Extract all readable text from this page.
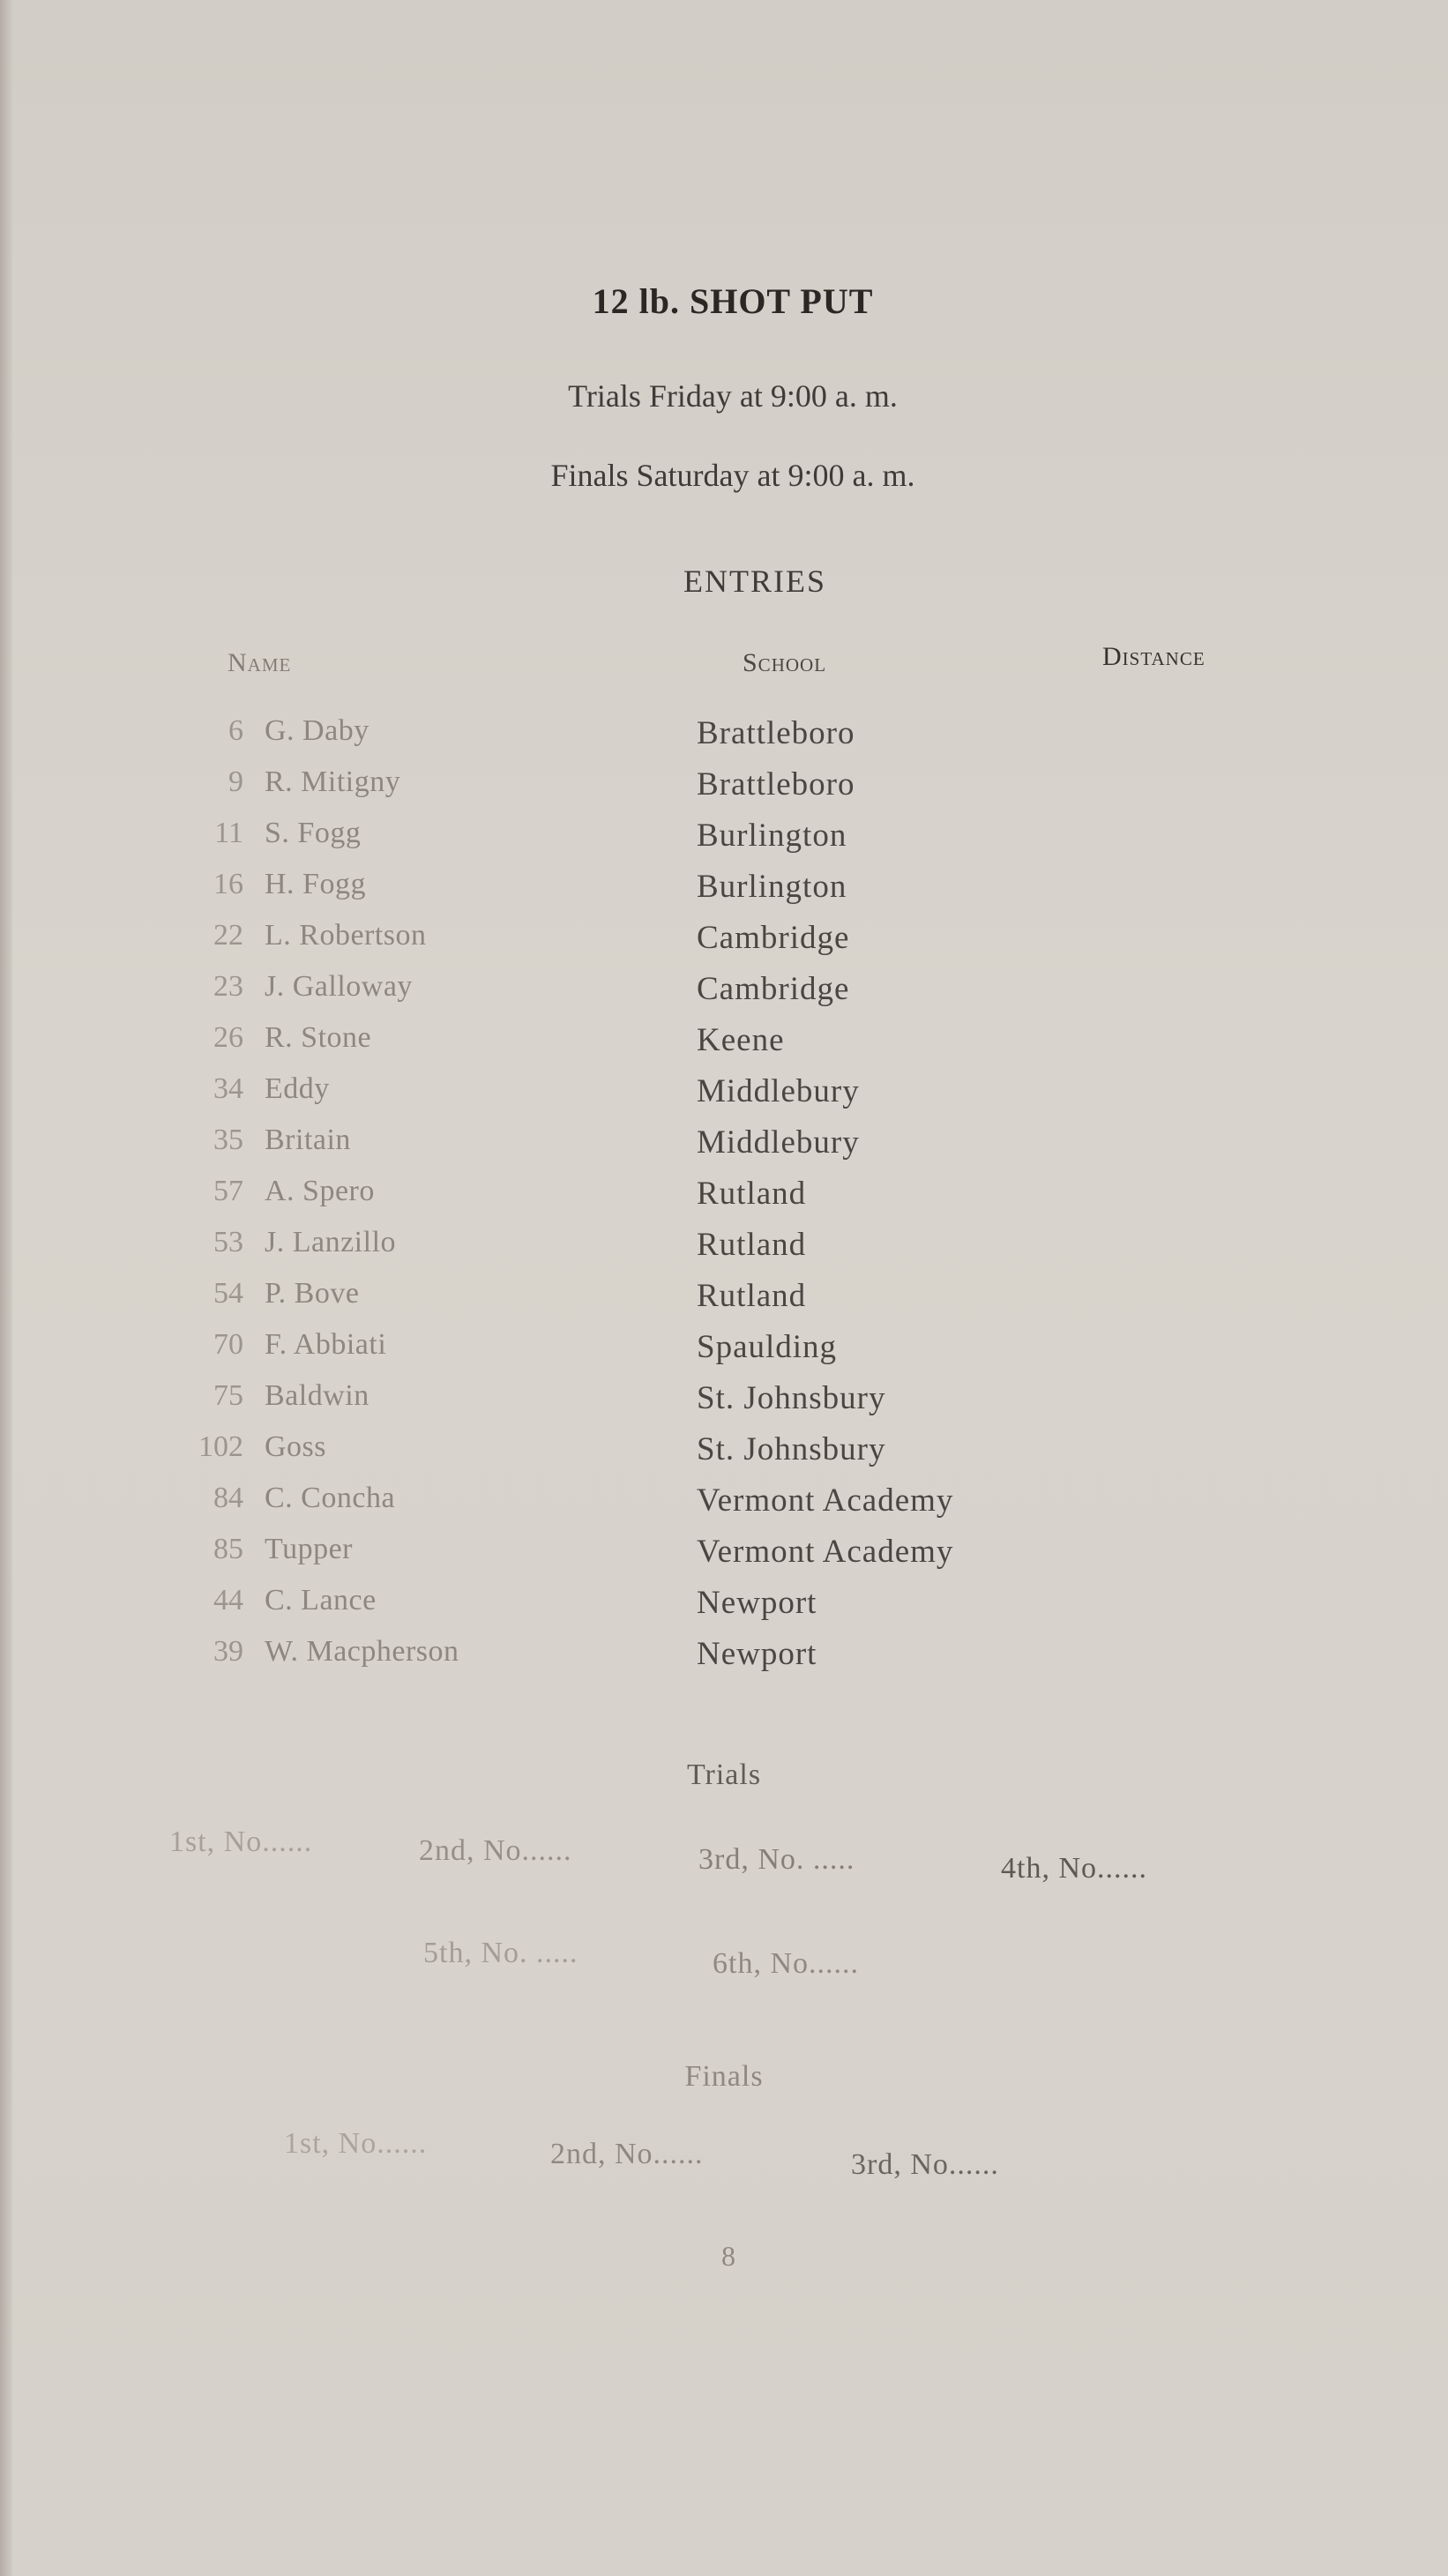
12 lb. SHOT PUT
Trials Friday at 9:00 a. m.
Finals Saturday at 9:00 a. m.
ENTRIES
Name	School	Distance
6 G. Daby	Brattleboro
9 R. Mitigny	Brattleboro
11 S. Fogg	Burlington
16 H. Fogg	Burlington
22 L. Robertson	Cambridge
23 J. Galloway	Cambridge
26 R. Stone	Keene
34 Eddy	Middlebury
35 Britain	Middlebury
57 A. Spero	Rutland
53 J. Lanzillo	Rutland
54 P. Bove	Rutland
70 F. Abbiati	Spaulding
75 Baldwin	St. Johnsbury
102 Goss	St. Johnsbury
84 C. Concha	Vermont Academy
85 Tupper	Vermont Academy
44 C. Lance	Newport
39 W. Macpherson	Newport
Trials
1st, No......	2nd, No......	3rd, No. .....	4th, No......
5th, No. .....	6th, No......
Finals
1st, No......	2nd, No......	3rd, No......
8
